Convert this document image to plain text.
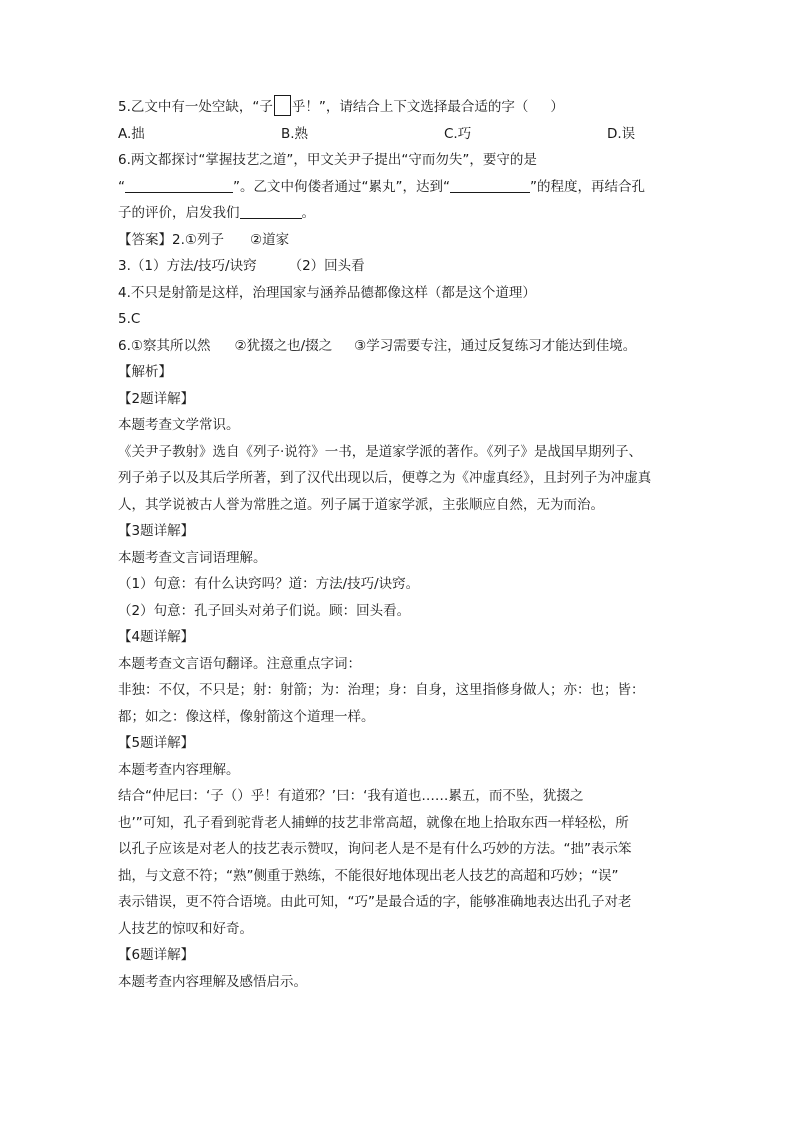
5.乙文中有一处空缺，“子 乎！”，请结合上下文选择最合适的字（ ）
A.拙	B.熟	C.巧	D.误
6.两文都探讨“掌握技艺之道”，甲文关尹子提出“守而勿失”，要守的是
“	”。乙文中佝偻者通过“累丸”，达到“	”的程度，再结合孔
子的评价，启发我们	。
【答案】2.①列子 ②道家
3.（1）方法/技巧/诀窍 （2）回头看
4.不只是射箭是这样，治理国家与涵养品德都像这样（都是这个道理）
5.C
6.①察其所以然 ②犹掇之也/掇之 ③学习需要专注，通过反复练习才能达到佳境。
【解析】
【2题详解】
本题考查文学常识。
《关尹子教射》选自《列子·说符》一书，是道家学派的著作。《列子》是战国早期列子、
列子弟子以及其后学所著，到了汉代出现以后，便尊之为《冲虚真经》，且封列子为冲虚真
人，其学说被古人誉为常胜之道。列子属于道家学派，主张顺应自然，无为而治。
【3题详解】
本题考查文言词语理解。
（1）句意：有什么诀窍吗？道：方法/技巧/诀窍。
（2）句意：孔子回头对弟子们说。顾：回头看。
【4题详解】
本题考查文言语句翻译。注意重点字词：
非独：不仅，不只是；射：射箭；为：治理；身：自身，这里指修身做人；亦：也；皆：
都；如之：像这样，像射箭这个道理一样。
【5题详解】
本题考查内容理解。
结合“仲尼曰：‘子（）乎！有道邪？’曰：‘我有道也……累五，而不坠，犹掇之
也’”可知，孔子看到驼背老人捕蝉的技艺非常高超，就像在地上拾取东西一样轻松，所
以孔子应该是对老人的技艺表示赞叹，询问老人是不是有什么巧妙的方法。“拙”表示笨
拙，与文意不符；“熟”侧重于熟练，不能很好地体现出老人技艺的高超和巧妙；“误”
表示错误，更不符合语境。由此可知，“巧”是最合适的字，能够准确地表达出孔子对老
人技艺的惊叹和好奇。
【6题详解】
本题考查内容理解及感悟启示。
